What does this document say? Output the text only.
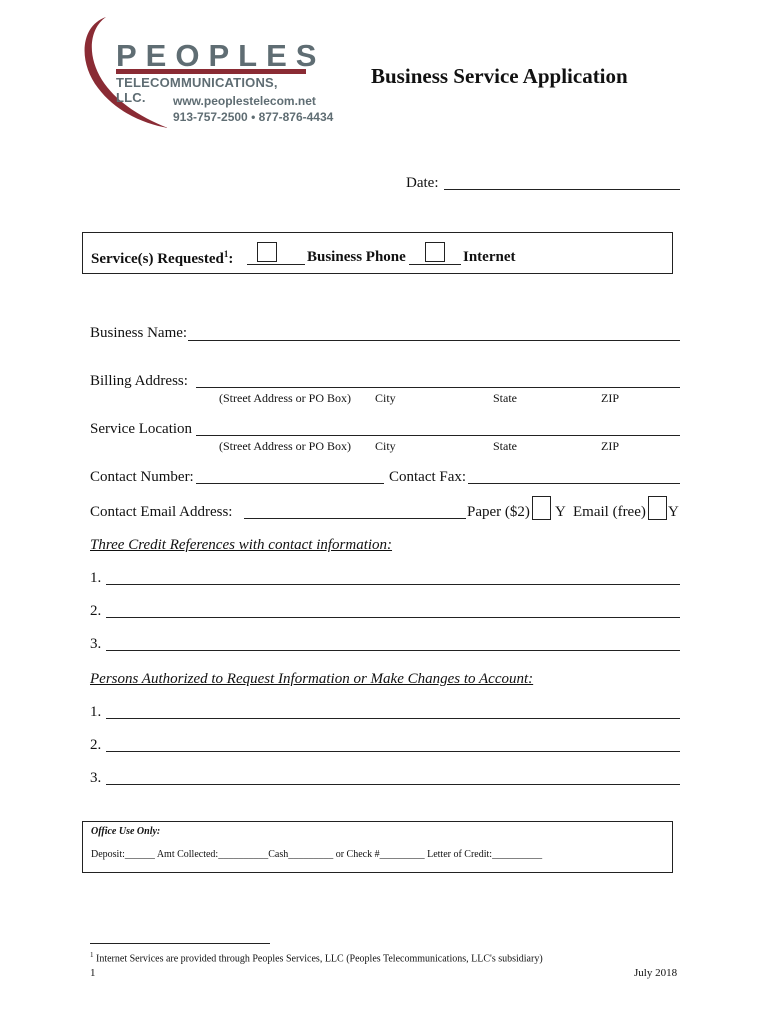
PEOPLES
TELECOMMUNICATIONS, LLC.	www.peoplestelecom.net
913-757-2500 • 877-876-4434
Business Service Application
Date:
Service(s) Requested$^1$:	Business Phone	Internet
Business Name:
Billing Address:
(Street Address or PO Box) City	State	ZIP
Service Location
(Street Address or PO Box) City	State	ZIP
Contact Number:	Contact Fax:
Contact Email Address:	Paper ($2) Y Email (free) Y
Three Credit References with contact information:
1.
2.
3.
Persons Authorized to Request Information or Make Changes to Account:
1.
2.
3.
Office Use Only:
Deposit:______ Amt Collected:__________Cash_________ or Check #_________ Letter of Credit:__________
$^1$ Internet Services are provided through Peoples Services, LLC (Peoples Telecommunications, LLC's subsidiary)
1	July 2018
